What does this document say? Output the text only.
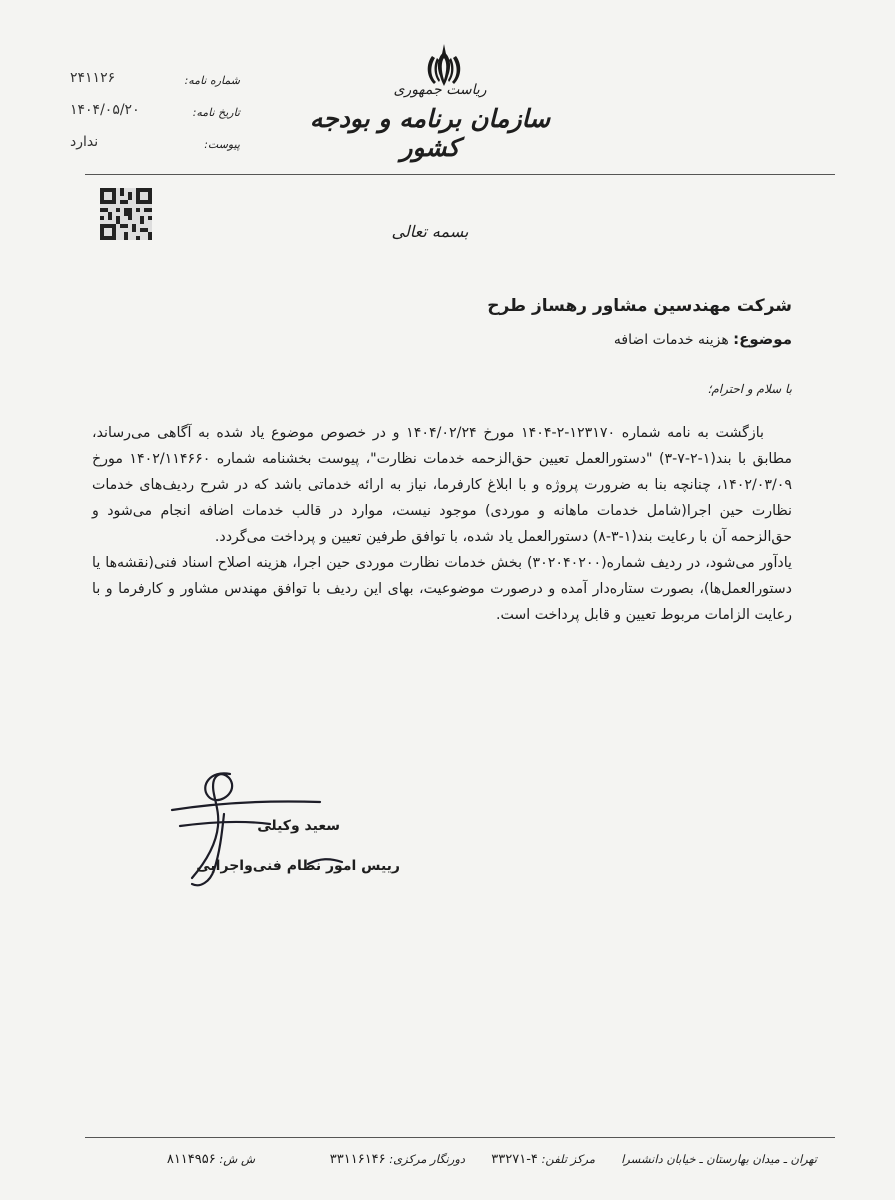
ریاست جمهوری
سازمان برنامه و بودجه کشور
شماره نامه:
۲۴۱۱۲۶
تاریخ نامه:
۱۴۰۴/۰۵/۲۰
پیوست:
ندارد
بسمه تعالی
شرکت مهندسین مشاور رهساز طرح
موضوع: هزینه خدمات اضافه
با سلام و احترام؛

بازگشت به نامه شماره ۱۲۳۱۷۰-۲-۱۴۰۴ مورخ ۱۴۰۴/۰۲/۲۴ و در خصوص موضوع یاد شده به آگاهی می‌رساند، مطابق با بند(۱-۲-۷-۳) "دستورالعمل تعیین حق‌الزحمه خدمات نظارت"، پیوست بخشنامه شماره ۱۴۰۲/۱۱۴۶۶۰ مورخ ۱۴۰۲/۰۳/۰۹، چنانچه بنا به ضرورت پروژه و با ابلاغ کارفرما، نیاز به ارائه خدماتی باشد که در شرح ردیف‌های خدمات نظارت حین اجرا(شامل خدمات ماهانه و موردی) موجود نیست، موارد در قالب خدمات اضافه انجام می‌شود و حق‌الزحمه آن با رعایت بند(۱-۳-۸) دستورالعمل یاد شده، با توافق طرفین تعیین و پرداخت می‌گردد.

یادآور می‌شود، در ردیف شماره(۳۰۲۰۴۰۲۰۰) بخش خدمات نظارت موردی حین اجرا، هزینه اصلاح اسناد فنی(نقشه‌ها یا دستورالعمل‌ها)، بصورت ستاره‌دار آمده و درصورت موضوعیت، بهای این ردیف با توافق مهندس مشاور و کارفرما و با رعایت الزامات مربوط تعیین و قابل پرداخت است.

سعید وکیلی
رییس امور نظام فنی‌واجرایی
تهران ـ میدان بهارستان ـ خیابان دانشسرا
مرکز تلفن: ۴-۳۳۲۷۱
دورنگار مرکزی: ۳۳۱۱۶۱۴۶
ش ش: ۸۱۱۴۹۵۶
